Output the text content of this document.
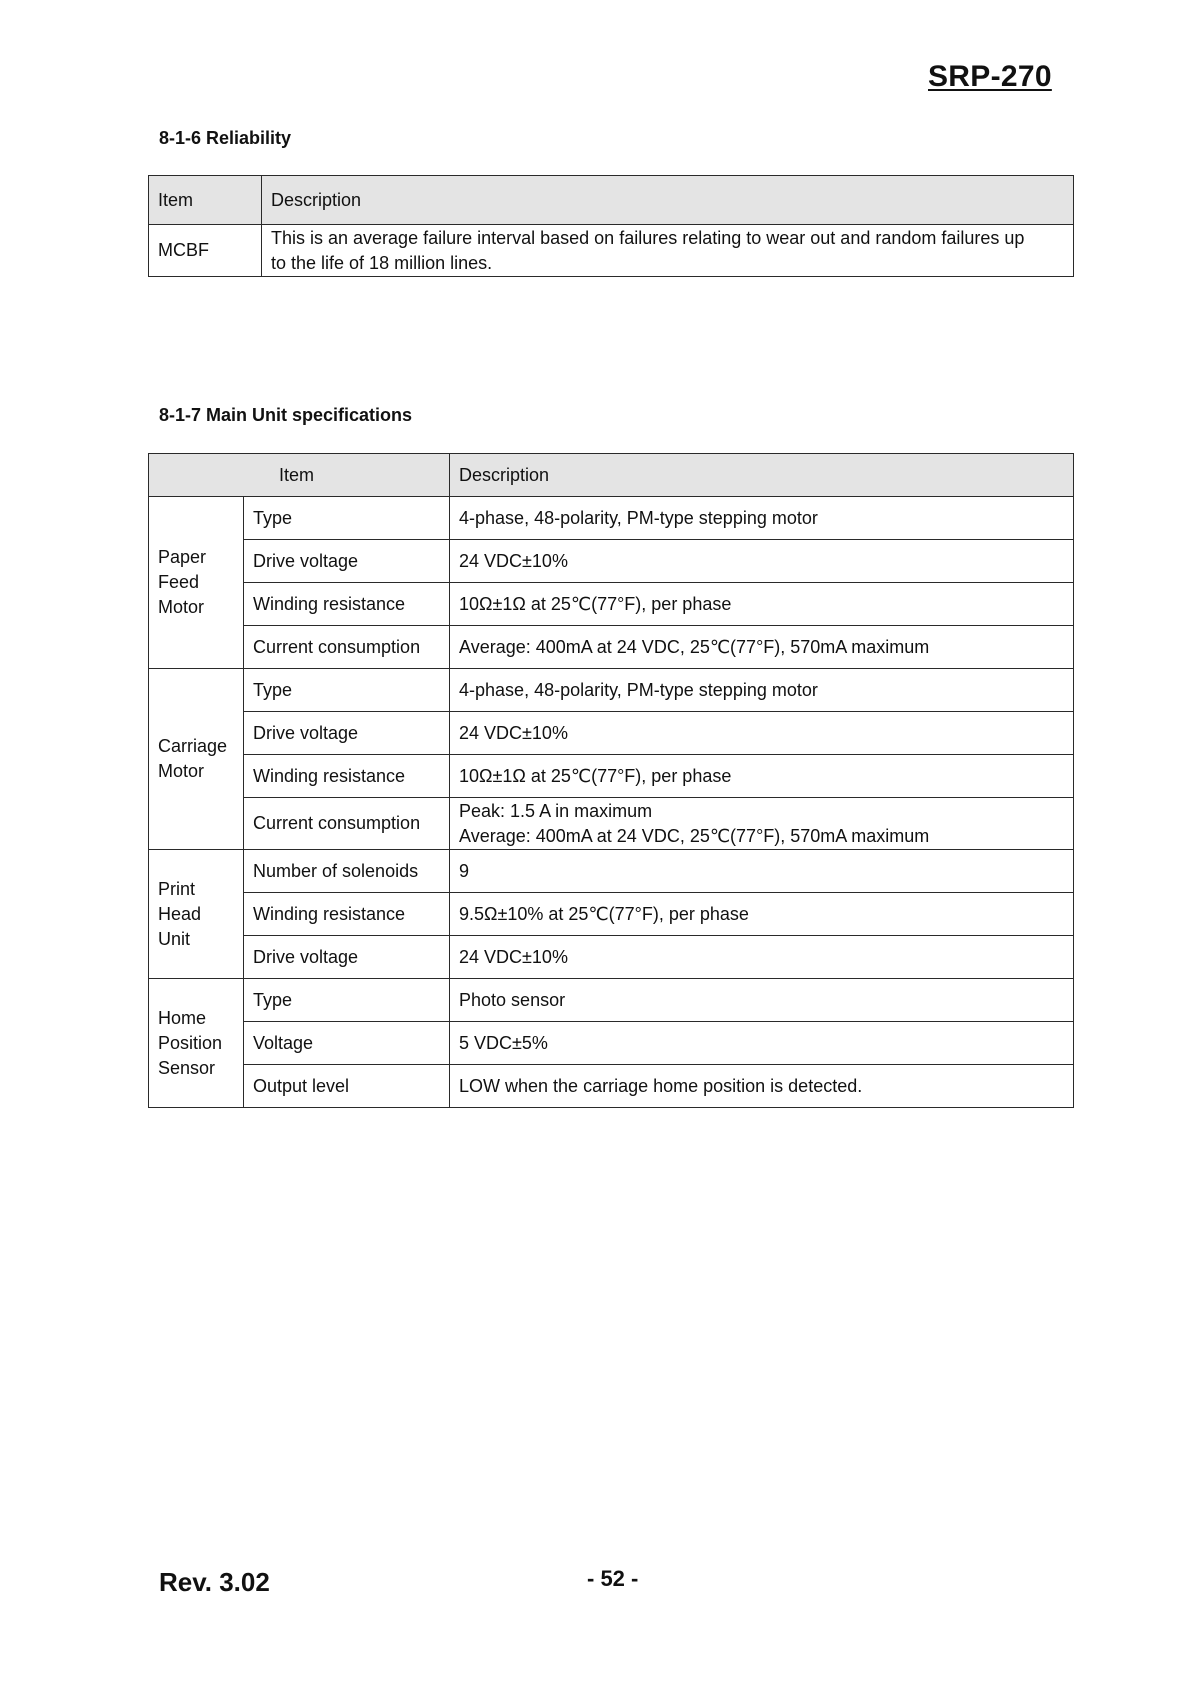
SRP-270
8-1-6 Reliability
Item	Description
MCBF	This is an average failure interval based on failures relating to wear out and random failures up
to the life of 18 million lines.
8-1-7 Main Unit specifications
Item		Description

Paper
Feed
Motor	Type	4-phase, 48-polarity, PM-type stepping motor
	Drive voltage	24 VDC±10%
	Winding resistance	10Ω±1Ω at 25℃(77°F), per phase
	Current consumption	Average: 400mA at 24 VDC, 25℃(77°F), 570mA maximum

Carriage
Motor	Type	4-phase, 48-polarity, PM-type stepping motor
	Drive voltage	24 VDC±10%
	Winding resistance	10Ω±1Ω at 25℃(77°F), per phase
	Current consumption	Peak: 1.5 A in maximum
Average: 400mA at 24 VDC, 25℃(77°F), 570mA maximum

Print
Head
Unit	Number of solenoids	9
	Winding resistance	9.5Ω±10% at 25℃(77°F), per phase
	Drive voltage	24 VDC±10%

Home
Position
Sensor	Type	Photo sensor
	Voltage	5 VDC±5%
	Output level	LOW when the carriage home position is detected.
Rev. 3.02	- 52 -
